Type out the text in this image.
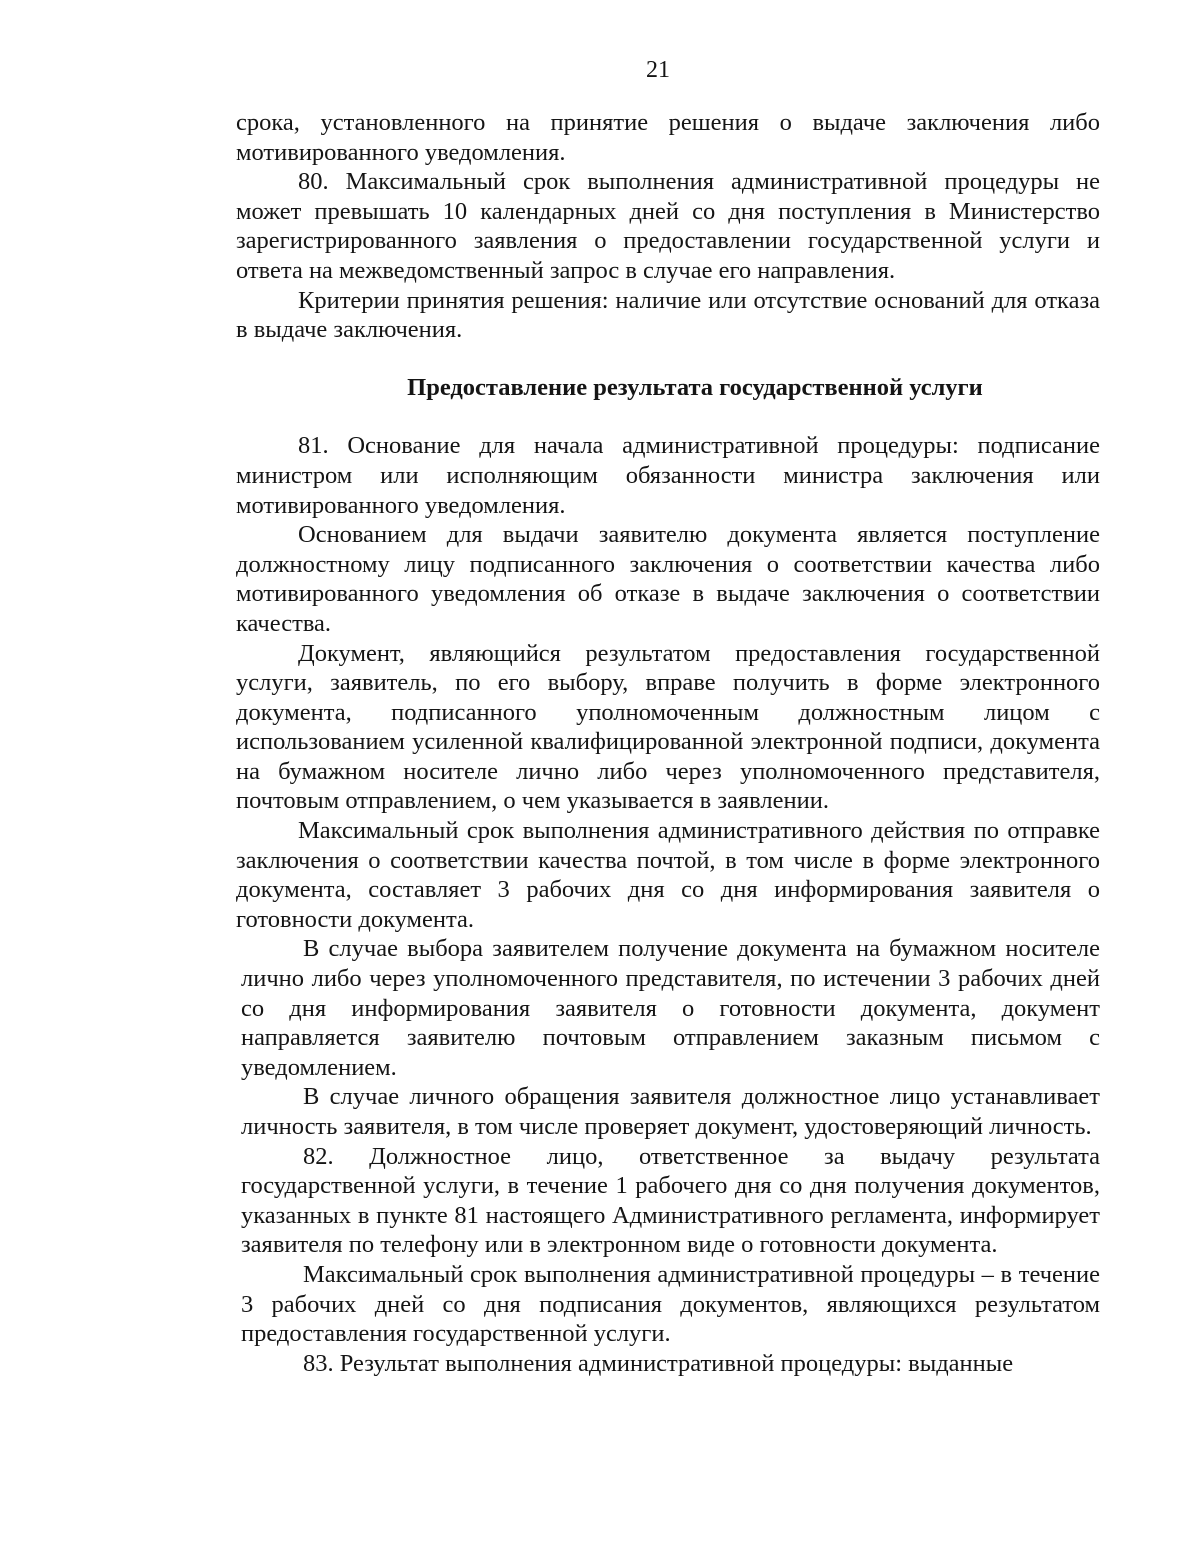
21

срока, установленного на принятие решения о выдаче заключения либо мотивированного уведомления.

80. Максимальный срок выполнения административной процедуры не может превышать 10 календарных дней со дня поступления в Министерство зарегистрированного заявления о предоставлении государственной услуги и ответа на межведомственный запрос в случае его направления.

Критерии принятия решения: наличие или отсутствие оснований для отказа в выдаче заключения.

Предоставление результата государственной услуги

81. Основание для начала административной процедуры: подписание министром или исполняющим обязанности министра заключения или мотивированного уведомления.

Основанием для выдачи заявителю документа является поступление должностному лицу подписанного заключения о соответствии качества либо мотивированного уведомления об отказе в выдаче заключения о соответствии качества.

Документ, являющийся результатом предоставления государственной услуги, заявитель, по его выбору, вправе получить в форме электронного документа, подписанного уполномоченным должностным лицом с использованием усиленной квалифицированной электронной подписи, документа на бумажном носителе лично либо через уполномоченного представителя, почтовым отправлением, о чем указывается в заявлении.

Максимальный срок выполнения административного действия по отправке заключения о соответствии качества почтой, в том числе в форме электронного документа, составляет 3 рабочих дня со дня информирования заявителя о готовности документа.

В случае выбора заявителем получение документа на бумажном носителе лично либо через уполномоченного представителя, по истечении 3 рабочих дней со дня информирования заявителя о готовности документа, документ направляется заявителю почтовым отправлением заказным письмом с уведомлением.

В случае личного обращения заявителя должностное лицо устанавливает личность заявителя, в том числе проверяет документ, удостоверяющий личность.

82. Должностное лицо, ответственное за выдачу результата государственной услуги, в течение 1 рабочего дня со дня получения документов, указанных в пункте 81 настоящего Административного регламента, информирует заявителя по телефону или в электронном виде о готовности документа.

Максимальный срок выполнения административной процедуры – в течение 3 рабочих дней со дня подписания документов, являющихся результатом предоставления государственной услуги.

83. Результат выполнения административной процедуры: выданные
